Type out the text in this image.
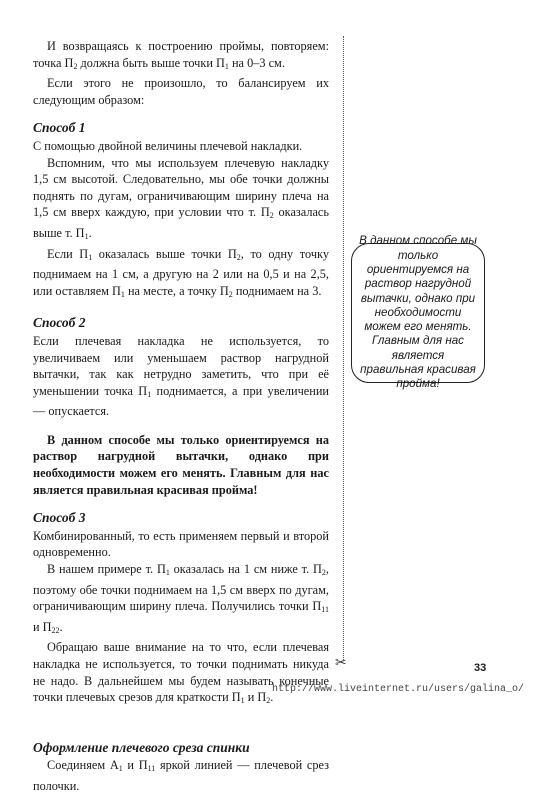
И возвращаясь к построению проймы, повторяем: точка $П_2$ должна быть выше точки $П_1$ на 0–3 см.

Если этого не произошло, то балансируем их следующим образом:

Способ 1

С помощью двойной величины плечевой накладки.

Вспомним, что мы используем плечевую накладку 1,5 см высотой. Следовательно, мы обе точки должны поднять по дугам, ограничивающим ширину плеча на 1,5 см вверх каждую, при условии что т. $П_2$ оказалась выше т. $П_1$.

Если $П_1$ оказалась выше точки $П_2$, то одну точку поднимаем на 1 см, а другую на 2 или на 0,5 и на 2,5, или оставляем $П_1$ на месте, а точку $П_2$ поднимаем на 3.

Способ 2

Если плечевая накладка не используется, то увеличиваем или уменьшаем раствор нагрудной вытачки, так как нетрудно заметить, что при её уменьшении точка $П_1$ поднимается, а при увеличении — опускается.

В данном способе мы только ориентируемся на раствор нагрудной вытачки, однако при необходимости можем его менять. Главным для нас является правильная красивая пройма!

Способ 3

Комбинированный, то есть применяем первый и второй одновременно.

В нашем примере т. $П_1$ оказалась на 1 см ниже т. $П_2$, поэтому обе точки поднимаем на 1,5 см вверх по дугам, ограничивающим ширину плеча. Получились точки $П_{11}$ и $П_{22}$.

Обращаю ваше внимание на то что, если плечевая накладка не используется, то точки поднимать никуда не надо. В дальнейшем мы будем называть конечные точки плечевых срезов для краткости $П_1$ и $П_2$.

Оформление плечевого среза спинки

Соединяем $А_1$ и $П_{11}$ яркой линией — плечевой срез полочки.

✂

В данном способе мы только ориентируемся на раствор нагрудной вытачки, однако при необходимости можем его менять. Главным для нас является правильная красивая пройма!

33
http://www.liveinternet.ru/users/galina_o/
